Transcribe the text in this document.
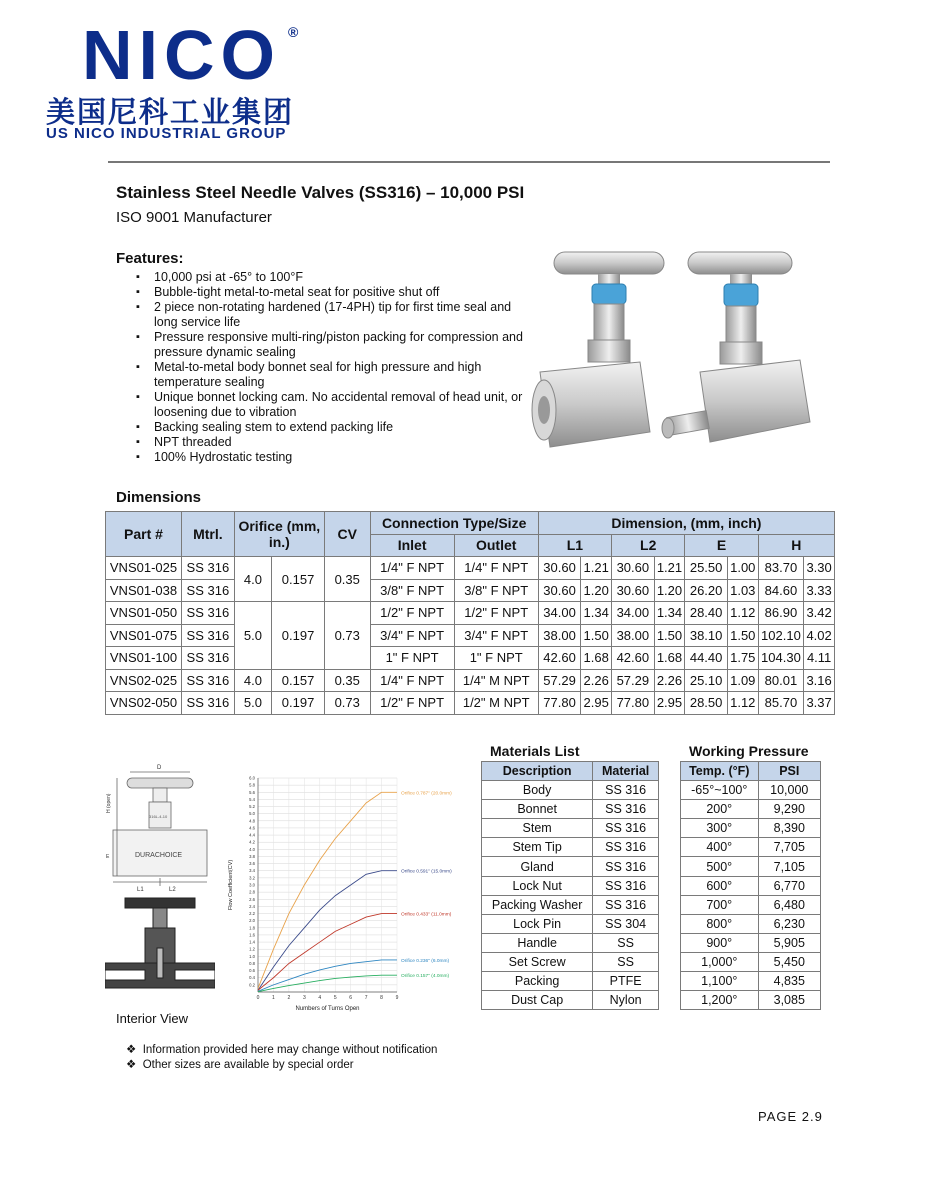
NICO ®
美国尼科工业集团
US NICO INDUSTRIAL GROUP
Stainless Steel Needle Valves (SS316) – 10,000 PSI
ISO 9001 Manufacturer
Features:
▪ 10,000 psi at -65° to 100°F
▪ Bubble-tight metal-to-metal seat for positive shut off
▪ 2 piece non-rotating hardened (17-4PH) tip for first time seal and long service life
▪ Pressure responsive multi-ring/piston packing for compression and pressure dynamic sealing
▪ Metal-to-metal body bonnet seal for high pressure and high temperature sealing
▪ Unique bonnet locking cam. No accidental removal of head unit, or loosening due to vibration
▪ Backing sealing stem to extend packing life
▪ NPT threaded
▪ 100% Hydrostatic testing
Dimensions
Part #	Mtrl.	Orifice (mm, in.)		CV	Connection Type/Size		Dimension, (mm, inch)							
					Inlet	Outlet	L1		L2		E		H	
VNS01-025	SS 316	4.0	0.157	0.35	1/4" F NPT	1/4" F NPT	30.60	1.21	30.60	1.21	25.50	1.00	83.70	3.30
VNS01-038	SS 316				3/8" F NPT	3/8" F NPT	30.60	1.20	30.60	1.20	26.20	1.03	84.60	3.33
VNS01-050	SS 316	5.0	0.197	0.73	1/2" F NPT	1/2" F NPT	34.00	1.34	34.00	1.34	28.40	1.12	86.90	3.42
VNS01-075	SS 316				3/4" F NPT	3/4" F NPT	38.00	1.50	38.00	1.50	38.10	1.50	102.10	4.02
VNS01-100	SS 316				1" F NPT	1" F NPT	42.60	1.68	42.60	1.68	44.40	1.75	104.30	4.11
VNS02-025	SS 316	4.0	0.157	0.35	1/4" F NPT	1/4" M NPT	57.29	2.26	57.29	2.26	25.10	1.09	80.01	3.16
VNS02-050	SS 316	5.0	0.197	0.73	1/2" F NPT	1/2" M NPT	77.80	2.95	77.80	2.95	28.50	1.12	85.70	3.37
D
H (open)
E
316L-4-10
DURACHOICE
L1	L2
Interior View
0.2
0.4
0.6
0.8
1.0
1.2
1.4
1.6
1.8
2.0
2.2
2.4
2.6
2.8
3.0
3.2
3.4
3.6
3.8
4.0
4.2
4.4
4.6
4.8
5.0
5.2
5.4
5.6
5.8
6.0
0	1	2	3	4	5	6	7	8	9
Numbers of Turns Open
Flow Coefficient(CV)
Orifice 0.787" (20.0mm)
Orifice 0.591" (15.0mm)
Orifice 0.433" (11.0mm)
Orifice 0.236" (6.0mm)
Orifice 0.157" (4.0mm)
Materials List
Description	Material
Body	SS 316
Bonnet	SS 316
Stem	SS 316
Stem Tip	SS 316
Gland	SS 316
Lock Nut	SS 316
Packing Washer	SS 316
Lock Pin	SS 304
Handle	SS
Set Screw	SS
Packing	PTFE
Dust Cap	Nylon
Working Pressure
Temp. (°F)	PSI
-65°~100°	10,000
200°	9,290
300°	8,390
400°	7,705
500°	7,105
600°	6,770
700°	6,480
800°	6,230
900°	5,905
1,000°	5,450
1,100°	4,835
1,200°	3,085
❖  Information provided here may change without notification
❖  Other sizes are available by special order
PAGE 2.9
